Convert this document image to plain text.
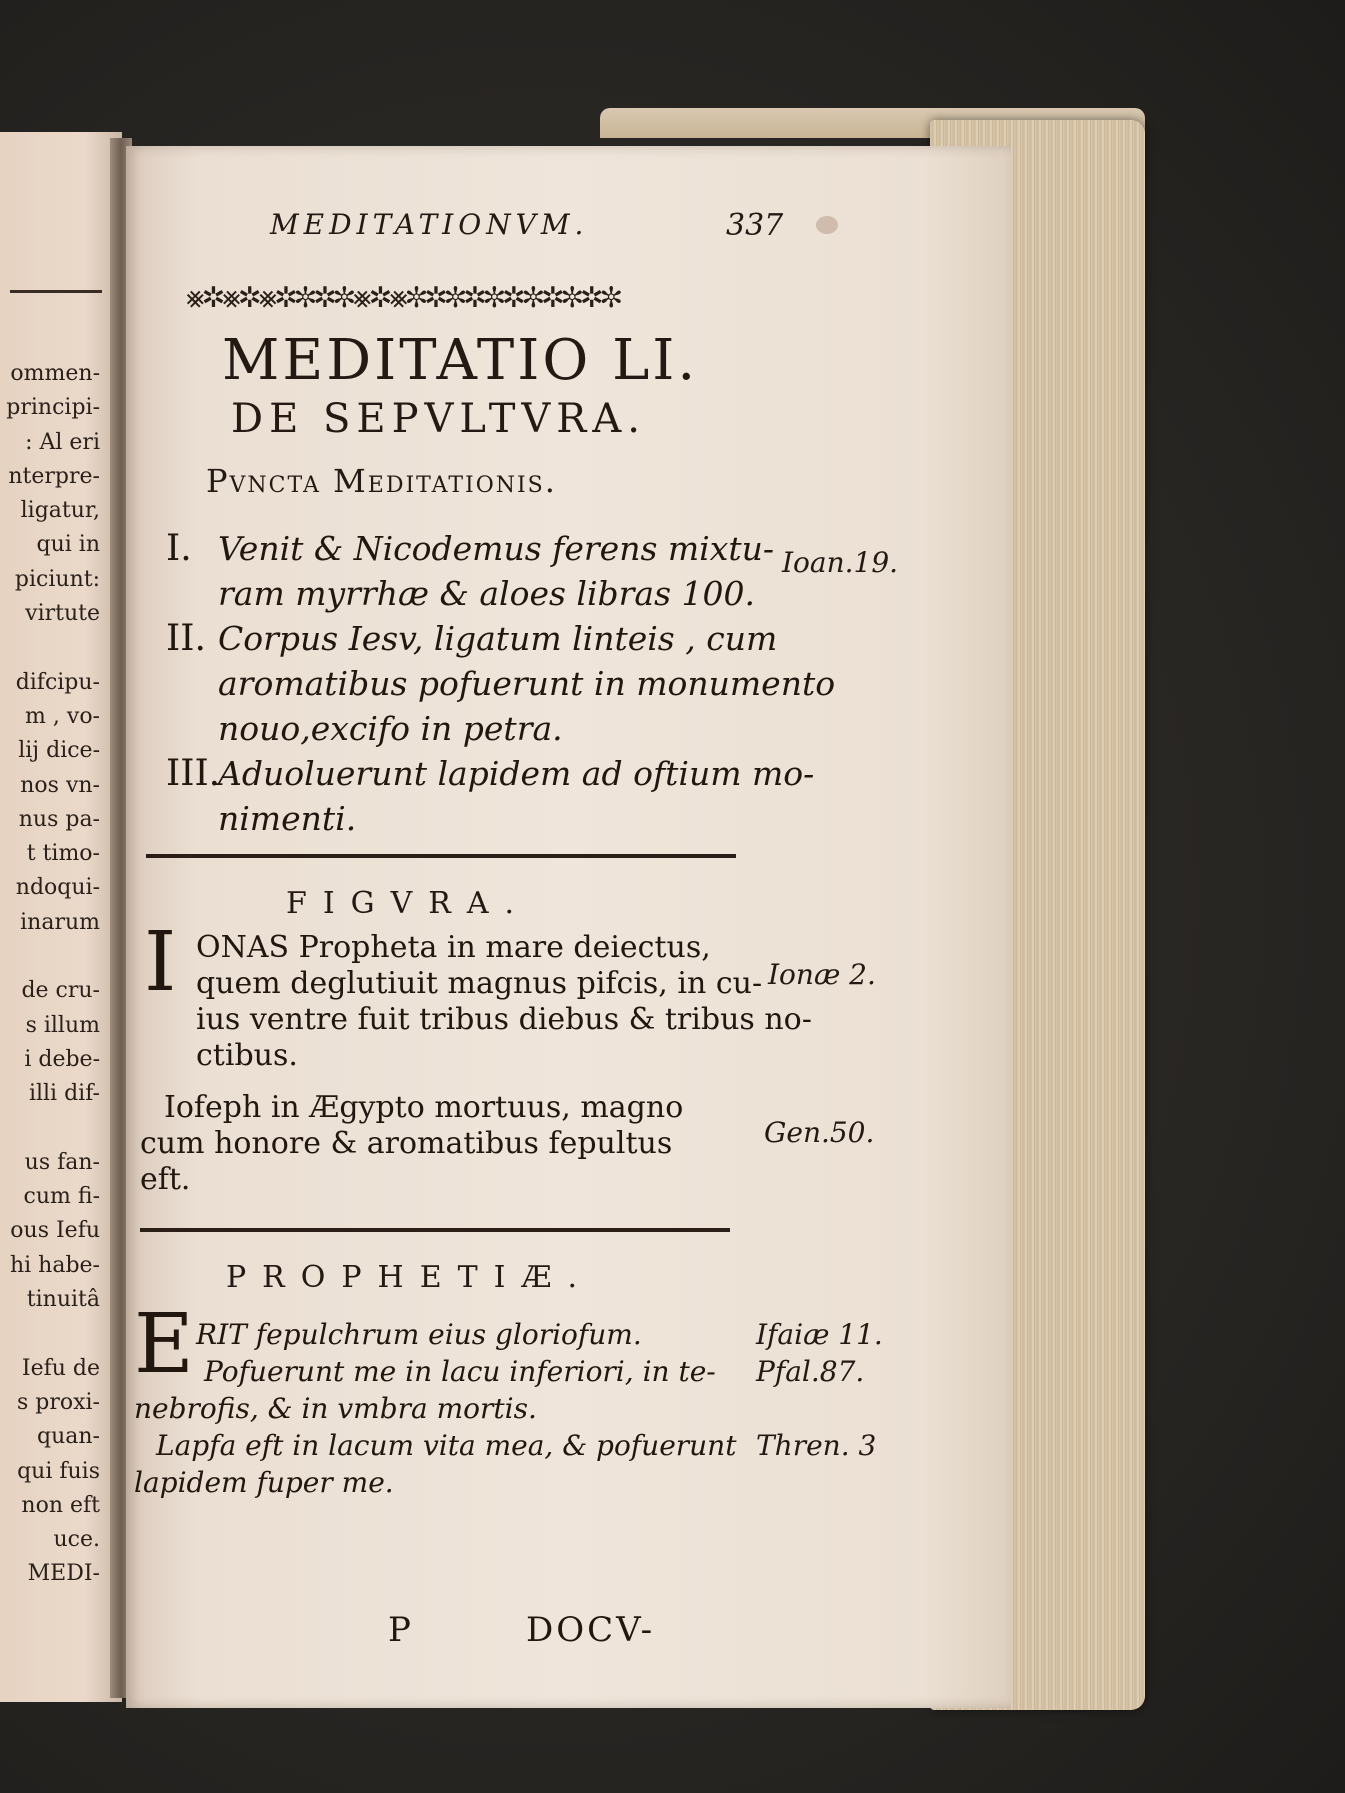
ommen-
principi-
: Al eri
nterpre-
ligatur,
qui in
piciunt:
virtute
difcipu-
m , vo-
lij dice-
nos vn-
nus pa-
t timo-
ndoqui-
inarum
de cru-
s illum
i debe-
illi dif-
us fan-
cum fi-
ous Iefu
hi habe-
tinuitâ
Iefu de
s proxi-
quan-
qui fuis
non eft
uce.
MEDI-
MEDITATIONVM.	337
⨳✲⨳✲⨳✲✼✲✼⨳✲⨳✼✲✼✲✼✲✼✲✼✲✼
MEDITATIO LI.
DE SEPVLTVRA.
Pvncta Meditationis.
I. Venit & Nicodemus ferens mixtu-
ram myrrhæ & aloes libras 100.
II. Corpus Iesv, ligatum linteis , cum
aromatibus pofuerunt in monumento
nouo,excifo in petra.
III.
Aduoluerunt lapidem ad oftium mo-
nimenti.
Ioan.19.
FIGVRA.
I ONAS Propheta in mare deiectus,
quem deglutiuit magnus pifcis, in cu-
ius ventre fuit tribus diebus & tribus no-
ctibus.
Ionæ 2.
Iofeph in Ægypto mortuus, magno
cum honore & aromatibus fepultus
eft.
Gen.50.
PROPHETIÆ.
E RIT fepulchrum eius gloriofum.	Ifaiæ 11.
Pofuerunt me in lacu inferiori, in te- Pfal.87.
nebrofis, & in vmbra mortis.
Lapfa eft in lacum vita mea, & pofuerunt Thren. 3
lapidem fuper me.
P	DOCV-
